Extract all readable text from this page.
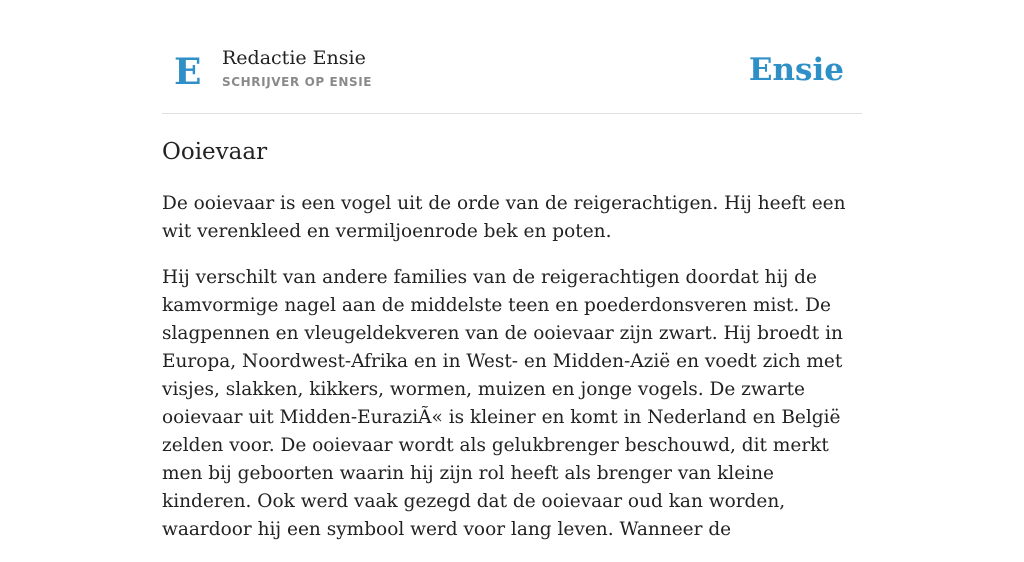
E Redactie Ensie
SCHRIJVER OP ENSIE	Ensie
Ooievaar

De ooievaar is een vogel uit de orde van de reigerachtigen. Hij heeft een wit verenkleed en vermiljoenrode bek en poten.

Hij verschilt van andere families van de reigerachtigen doordat hij de kamvormige nagel aan de middelste teen en poederdonsveren mist. De slagpennen en vleugeldekveren van de ooievaar zijn zwart. Hij broedt in Europa, Noordwest-Afrika en in West- en Midden-Azië en voedt zich met visjes, slakken, kikkers, wormen, muizen en jonge vogels. De zwarte ooievaar uit Midden-EuraziÃ« is kleiner en komt in Nederland en België zelden voor. De ooievaar wordt als gelukbrenger beschouwd, dit merkt men bij geboorten waarin hij zijn rol heeft als brenger van kleine kinderen. Ook werd vaak gezegd dat de ooievaar oud kan worden, waardoor hij een symbool werd voor lang leven. Wanneer de
